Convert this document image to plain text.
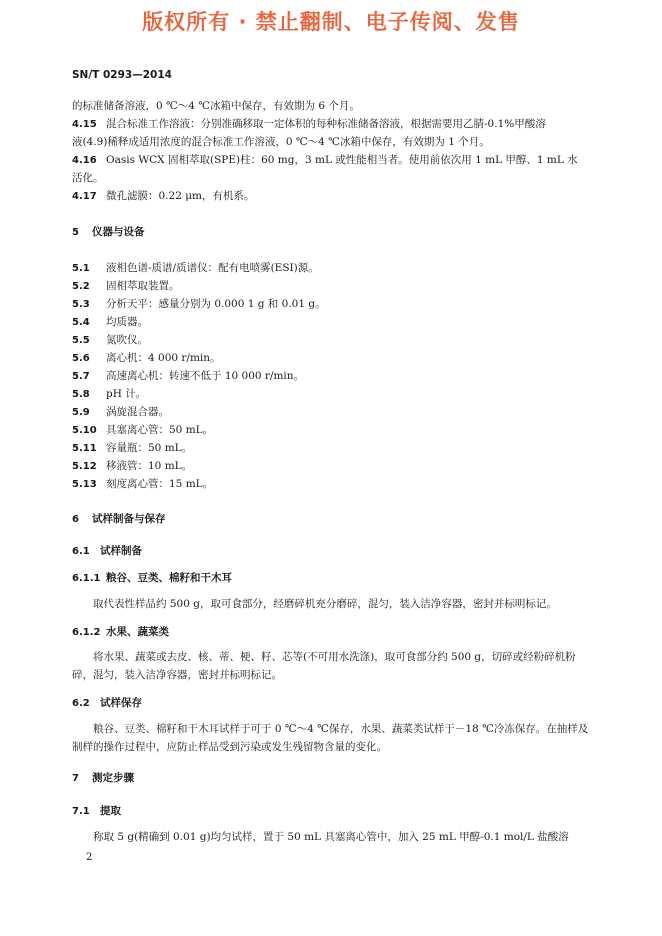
版权所有 · 禁止翻制、电子传阅、发售
SN/T 0293—2014
的标准储备溶液，0 ℃～4 ℃冰箱中保存，有效期为 6 个月。
4.15 混合标准工作溶液：分别准确移取一定体积的每种标准储备溶液，根据需要用乙腈-0.1%甲酸溶
液(4.9)稀释成适用浓度的混合标准工作溶液，0 ℃～4 ℃冰箱中保存，有效期为 1 个月。
4.16 Oasis WCX 固相萃取(SPE)柱：60 mg，3 mL 或性能相当者。使用前依次用 1 mL 甲醇、1 mL 水
活化。
4.17 微孔滤膜：0.22 μm，有机系。
5 仪器与设备
5.1 液相色谱-质谱/质谱仪：配有电喷雾(ESI)源。
5.2 固相萃取装置。
5.3 分析天平：感量分别为 0.000 1 g 和 0.01 g。
5.4 均质器。
5.5 氮吹仪。
5.6 离心机：4 000 r/min。
5.7 高速离心机：转速不低于 10 000 r/min。
5.8 pH 计。
5.9 涡旋混合器。
5.10 具塞离心管：50 mL。
5.11 容量瓶：50 mL。
5.12 移液管：10 mL。
5.13 刻度离心管：15 mL。
6 试样制备与保存
6.1 试样制备
6.1.1 粮谷、豆类、棉籽和干木耳
取代表性样品约 500 g，取可食部分，经磨碎机充分磨碎，混匀，装入洁净容器，密封并标明标记。
6.1.2 水果、蔬菜类
将水果、蔬菜或去皮、核、蒂、梗、籽、芯等(不可用水洗涤)，取可食部分约 500 g，切碎或经粉碎机粉碎，混匀，装入洁净容器，密封并标明标记。
6.2 试样保存
粮谷、豆类、棉籽和干木耳试样于可于 0 ℃～4 ℃保存，水果、蔬菜类试样于－18 ℃冷冻保存。在抽样及制样的操作过程中，应防止样品受到污染或发生残留物含量的变化。
7 测定步骤
7.1 提取
称取 5 g(精确到 0.01 g)均匀试样，置于 50 mL 具塞离心管中，加入 25 mL 甲醇-0.1 mol/L 盐酸溶
2
